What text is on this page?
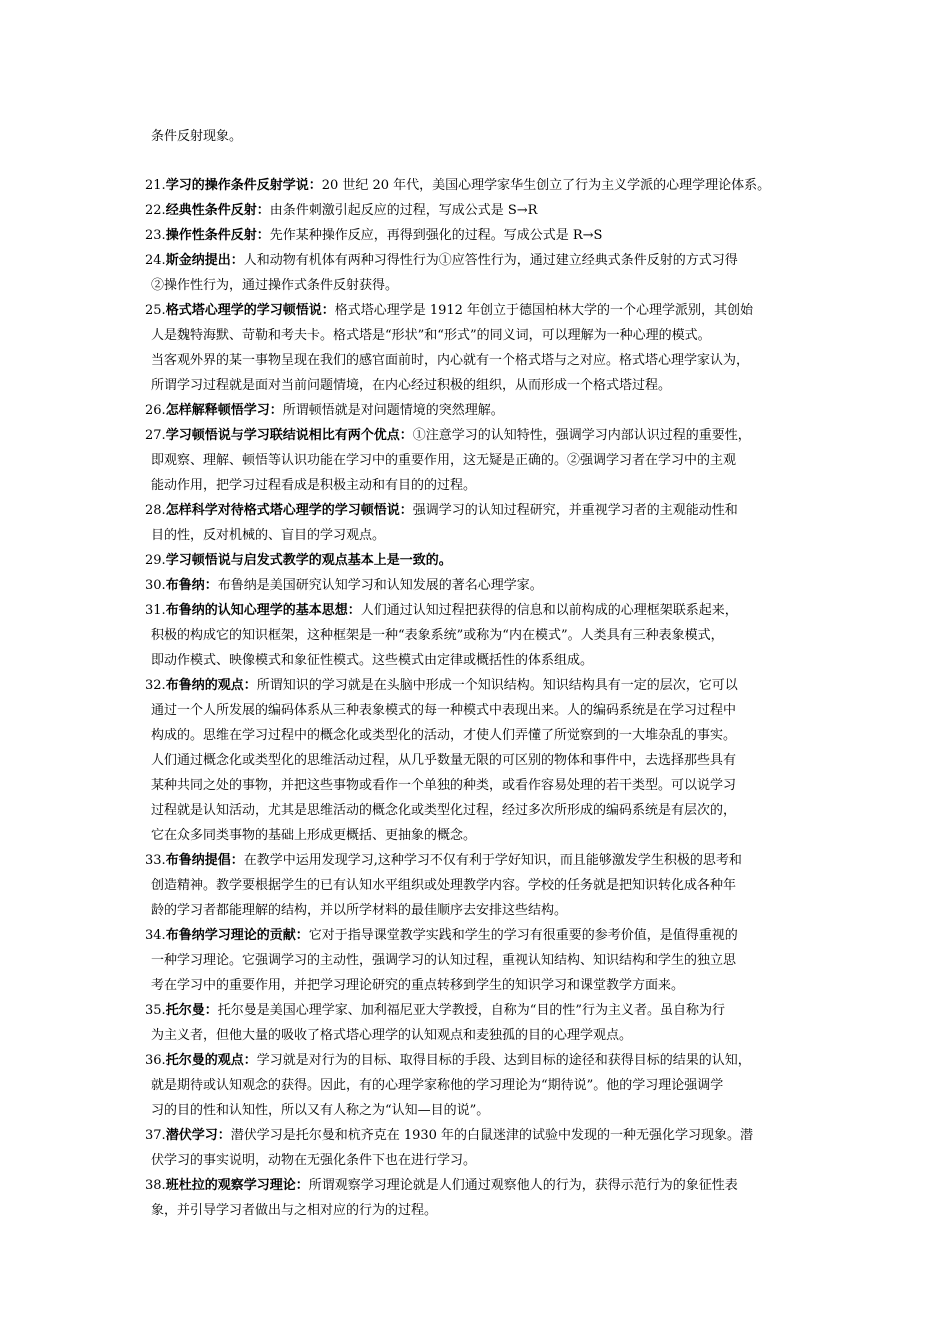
条件反射现象。
21.学习的操作条件反射学说：20 世纪 20 年代，美国心理学家华生创立了行为主义学派的心理学理论体系。
22.经典性条件反射：由条件刺激引起反应的过程，写成公式是 S→R
23.操作性条件反射：先作某种操作反应，再得到强化的过程。写成公式是 R→S
24.斯金纳提出：人和动物有机体有两种习得性行为①应答性行为，通过建立经典式条件反射的方式习得
②操作性行为，通过操作式条件反射获得。
25.格式塔心理学的学习顿悟说：格式塔心理学是 1912 年创立于德国柏林大学的一个心理学派别，其创始
人是魏特海默、苛勒和考夫卡。格式塔是“形状”和“形式”的同义词，可以理解为一种心理的模式。
当客观外界的某一事物呈现在我们的感官面前时，内心就有一个格式塔与之对应。格式塔心理学家认为，
所谓学习过程就是面对当前问题情境，在内心经过积极的组织，从而形成一个格式塔过程。
26.怎样解释顿悟学习：所谓顿悟就是对问题情境的突然理解。
27.学习顿悟说与学习联结说相比有两个优点：①注意学习的认知特性，强调学习内部认识过程的重要性，
即观察、理解、顿悟等认识功能在学习中的重要作用，这无疑是正确的。②强调学习者在学习中的主观
能动作用，把学习过程看成是积极主动和有目的的过程。
28.怎样科学对待格式塔心理学的学习顿悟说：强调学习的认知过程研究，并重视学习者的主观能动性和
目的性，反对机械的、盲目的学习观点。
29.学习顿悟说与启发式教学的观点基本上是一致的。
30.布鲁纳：布鲁纳是美国研究认知学习和认知发展的著名心理学家。
31.布鲁纳的认知心理学的基本思想：人们通过认知过程把获得的信息和以前构成的心理框架联系起来，
积极的构成它的知识框架，这种框架是一种“表象系统”或称为“内在模式”。人类具有三种表象模式，
即动作模式、映像模式和象征性模式。这些模式由定律或概括性的体系组成。
32.布鲁纳的观点：所谓知识的学习就是在头脑中形成一个知识结构。知识结构具有一定的层次，它可以
通过一个人所发展的编码体系从三种表象模式的每一种模式中表现出来。人的编码系统是在学习过程中
构成的。思维在学习过程中的概念化或类型化的活动，才使人们弄懂了所觉察到的一大堆杂乱的事实。
人们通过概念化或类型化的思维活动过程，从几乎数量无限的可区别的物体和事件中，去选择那些具有
某种共同之处的事物，并把这些事物或看作一个单独的种类，或看作容易处理的若干类型。可以说学习
过程就是认知活动，尤其是思维活动的概念化或类型化过程，经过多次所形成的编码系统是有层次的，
它在众多同类事物的基础上形成更概括、更抽象的概念。
33.布鲁纳提倡：在教学中运用发现学习,这种学习不仅有利于学好知识，而且能够激发学生积极的思考和
创造精神。教学要根据学生的已有认知水平组织或处理教学内容。学校的任务就是把知识转化成各种年
龄的学习者都能理解的结构，并以所学材料的最佳顺序去安排这些结构。
34.布鲁纳学习理论的贡献：它对于指导课堂教学实践和学生的学习有很重要的参考价值，是值得重视的
一种学习理论。它强调学习的主动性，强调学习的认知过程，重视认知结构、知识结构和学生的独立思
考在学习中的重要作用，并把学习理论研究的重点转移到学生的知识学习和课堂教学方面来。
35.托尔曼：托尔曼是美国心理学家、加利福尼亚大学教授，自称为“目的性”行为主义者。虽自称为行
为主义者，但他大量的吸收了格式塔心理学的认知观点和麦独孤的目的心理学观点。
36.托尔曼的观点：学习就是对行为的目标、取得目标的手段、达到目标的途径和获得目标的结果的认知，
就是期待或认知观念的获得。因此，有的心理学家称他的学习理论为“期待说”。他的学习理论强调学
习的目的性和认知性，所以又有人称之为“认知—目的说”。
37.潜伏学习：潜伏学习是托尔曼和杭齐克在 1930 年的白鼠迷津的试验中发现的一种无强化学习现象。潜
伏学习的事实说明，动物在无强化条件下也在进行学习。
38.班杜拉的观察学习理论：所谓观察学习理论就是人们通过观察他人的行为，获得示范行为的象征性表
象，并引导学习者做出与之相对应的行为的过程。
